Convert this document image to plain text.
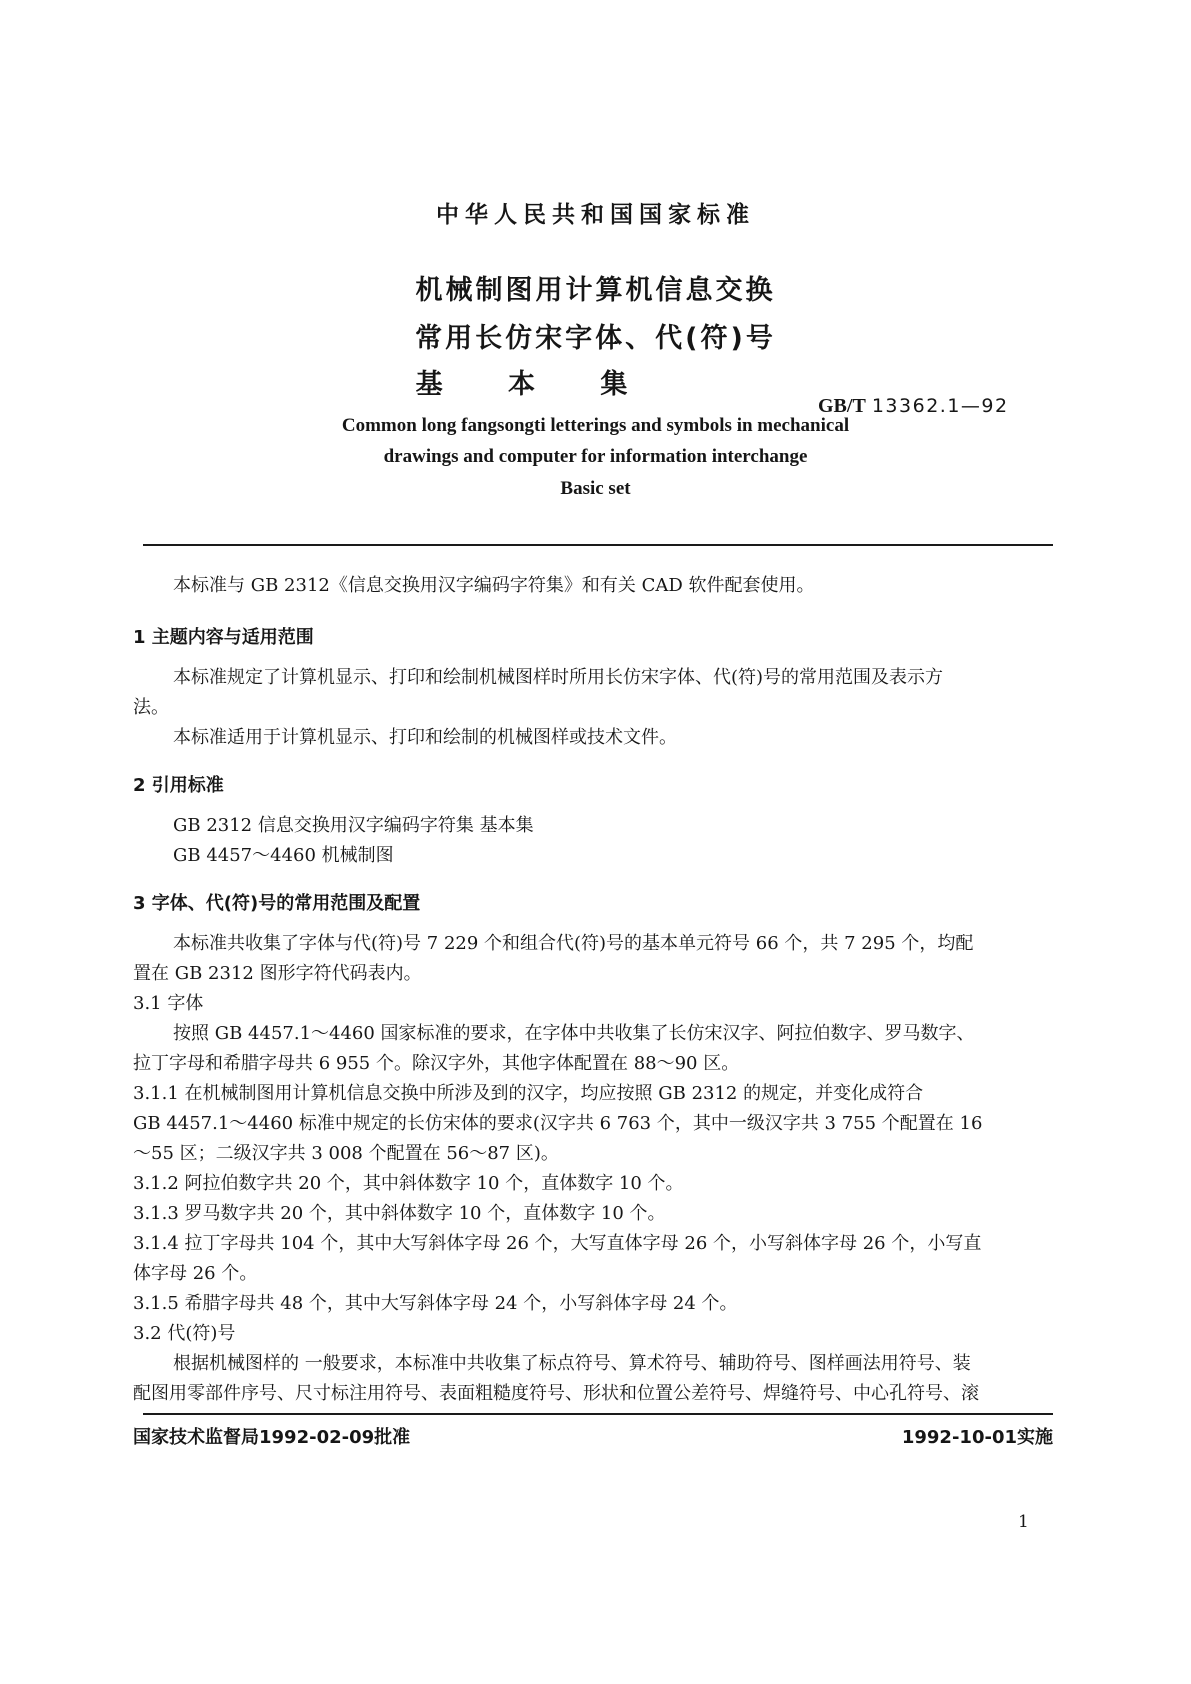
中华人民共和国国家标准
机械制图用计算机信息交换
常用长仿宋字体、代(符)号
基 本 集
GB/T 13362.1—92
Common long fangsongti letterings and symbols in mechanical
drawings and computer for information interchange
Basic set
本标准与 GB 2312《信息交换用汉字编码字符集》和有关 CAD 软件配套使用。
1 主题内容与适用范围
本标准规定了计算机显示、打印和绘制机械图样时所用长仿宋字体、代(符)号的常用范围及表示方
法。
本标准适用于计算机显示、打印和绘制的机械图样或技术文件。
2 引用标准
GB 2312 信息交换用汉字编码字符集 基本集
GB 4457～4460 机械制图
3 字体、代(符)号的常用范围及配置
本标准共收集了字体与代(符)号 7 229 个和组合代(符)号的基本单元符号 66 个，共 7 295 个，均配
置在 GB 2312 图形字符代码表内。
3.1 字体
按照 GB 4457.1～4460 国家标准的要求，在字体中共收集了长仿宋汉字、阿拉伯数字、罗马数字、
拉丁字母和希腊字母共 6 955 个。除汉字外，其他字体配置在 88～90 区。
3.1.1 在机械制图用计算机信息交换中所涉及到的汉字，均应按照 GB 2312 的规定，并变化成符合
GB 4457.1～4460 标准中规定的长仿宋体的要求(汉字共 6 763 个，其中一级汉字共 3 755 个配置在 16
～55 区；二级汉字共 3 008 个配置在 56～87 区)。
3.1.2 阿拉伯数字共 20 个，其中斜体数字 10 个，直体数字 10 个。
3.1.3 罗马数字共 20 个，其中斜体数字 10 个，直体数字 10 个。
3.1.4 拉丁字母共 104 个，其中大写斜体字母 26 个，大写直体字母 26 个，小写斜体字母 26 个，小写直
体字母 26 个。
3.1.5 希腊字母共 48 个，其中大写斜体字母 24 个，小写斜体字母 24 个。
3.2 代(符)号
根据机械图样的 一般要求，本标准中共收集了标点符号、算术符号、辅助符号、图样画法用符号、装
配图用零部件序号、尺寸标注用符号、表面粗糙度符号、形状和位置公差符号、焊缝符号、中心孔符号、滚
国家技术监督局1992-02-09批准	1992-10-01实施
1
